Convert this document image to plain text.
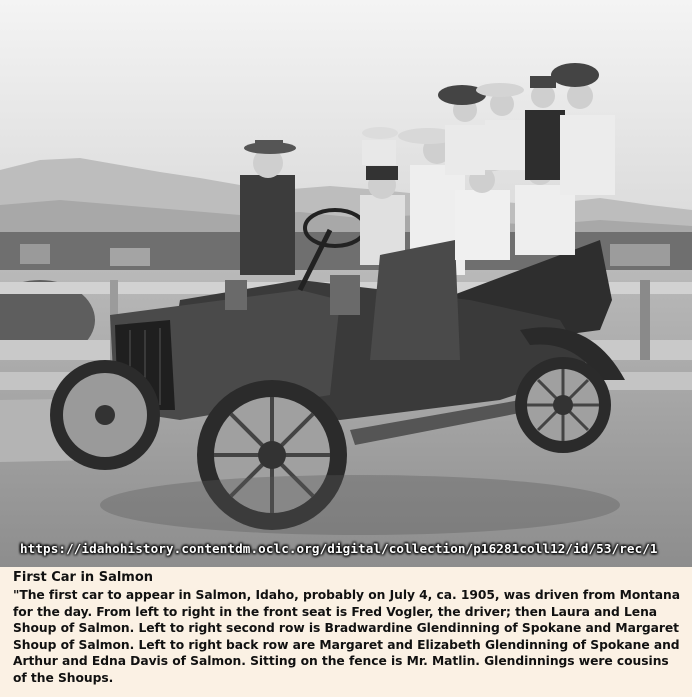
https://idahohistory.contentdm.oclc.org/digital/collection/p16281coll12/id/53/rec/1

First Car in Salmon

"The first car to appear in Salmon, Idaho, probably on July 4, ca. 1905, was driven from Montana for the day. From left to right in the front seat is Fred Vogler, the driver; then Laura and Lena Shoup of Salmon. Left to right second row is Bradwardine Glendinning of Spokane and Margaret Shoup of Salmon. Left to right back row are Margaret and Elizabeth Glendinning of Spokane and Arthur and Edna Davis of Salmon. Sitting on the fence is Mr. Matlin. Glendinnings were cousins of the Shoups.
